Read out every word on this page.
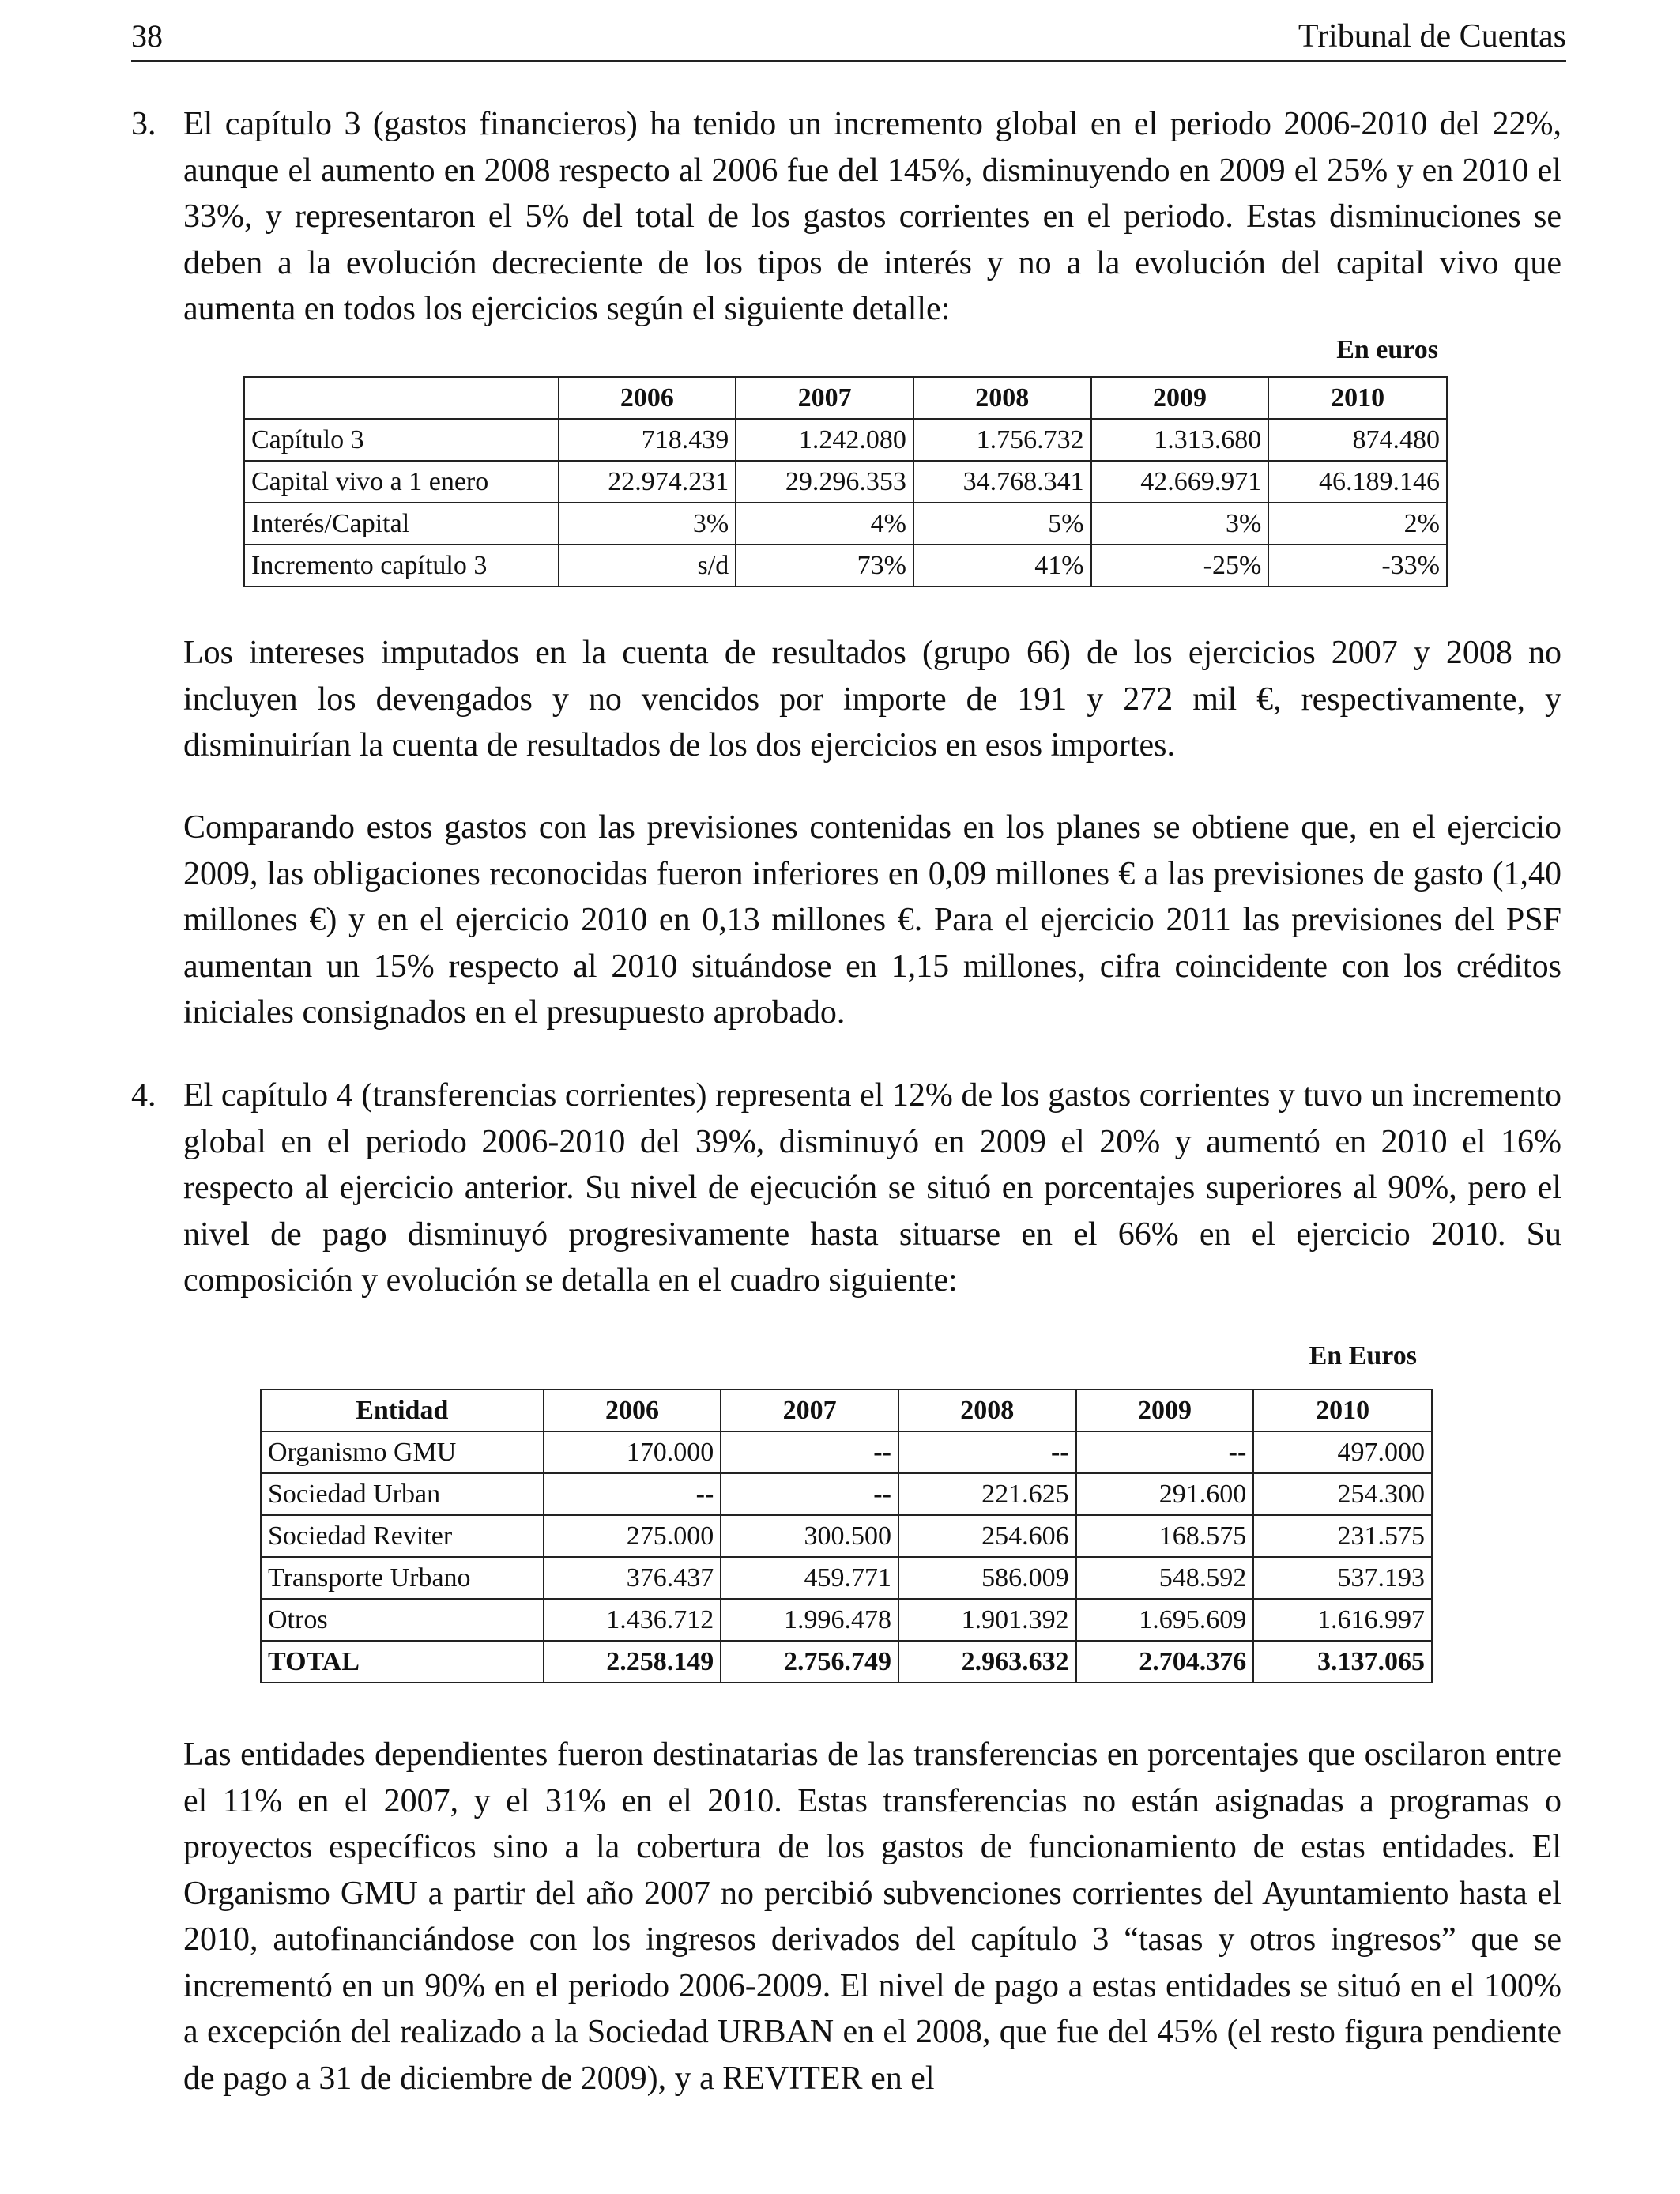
38	Tribunal de Cuentas
3. El capítulo 3 (gastos financieros) ha tenido un incremento global en el periodo 2006-2010 del 22%, aunque el aumento en 2008 respecto al 2006 fue del 145%, disminuyendo en 2009 el 25% y en 2010 el 33%, y representaron el 5% del total de los gastos corrientes en el periodo. Estas disminuciones se deben a la evolución decreciente de los tipos de interés y no a la evolución del capital vivo que aumenta en todos los ejercicios según el siguiente detalle:
En euros
	2006	2007	2008	2009	2010
Capítulo 3	718.439	1.242.080	1.756.732	1.313.680	874.480
Capital vivo a 1 enero	22.974.231	29.296.353	34.768.341	42.669.971	46.189.146
Interés/Capital	3%	4%	5%	3%	2%
Incremento capítulo 3	s/d	73%	41%	-25%	-33%
Los intereses imputados en la cuenta de resultados (grupo 66) de los ejercicios 2007 y 2008 no incluyen los devengados y no vencidos por importe de 191 y 272 mil €, respectivamente, y disminuirían la cuenta de resultados de los dos ejercicios en esos importes.
Comparando estos gastos con las previsiones contenidas en los planes se obtiene que, en el ejercicio 2009, las obligaciones reconocidas fueron inferiores en 0,09 millones € a las previsiones de gasto (1,40 millones €) y en el ejercicio 2010 en 0,13 millones €. Para el ejercicio 2011 las previsiones del PSF aumentan un 15% respecto al 2010 situándose en 1,15 millones, cifra coincidente con los créditos iniciales consignados en el presupuesto aprobado.
4. El capítulo 4 (transferencias corrientes) representa el 12% de los gastos corrientes y tuvo un incremento global en el periodo 2006-2010 del 39%, disminuyó en 2009 el 20% y aumentó en 2010 el 16% respecto al ejercicio anterior. Su nivel de ejecución se situó en porcentajes superiores al 90%, pero el nivel de pago disminuyó progresivamente hasta situarse en el 66% en el ejercicio 2010. Su composición y evolución se detalla en el cuadro siguiente:
En Euros
Entidad	2006	2007	2008	2009	2010
Organismo GMU	170.000	--	--	--	497.000
Sociedad Urban	--	--	221.625	291.600	254.300
Sociedad Reviter	275.000	300.500	254.606	168.575	231.575
Transporte Urbano	376.437	459.771	586.009	548.592	537.193
Otros	1.436.712	1.996.478	1.901.392	1.695.609	1.616.997
TOTAL	2.258.149	2.756.749	2.963.632	2.704.376	3.137.065
Las entidades dependientes fueron destinatarias de las transferencias en porcentajes que oscilaron entre el 11% en el 2007, y el 31% en el 2010. Estas transferencias no están asignadas a programas o proyectos específicos sino a la cobertura de los gastos de funcionamiento de estas entidades. El Organismo GMU a partir del año 2007 no percibió subvenciones corrientes del Ayuntamiento hasta el 2010, autofinanciándose con los ingresos derivados del capítulo 3 “tasas y otros ingresos” que se incrementó en un 90% en el periodo 2006-2009. El nivel de pago a estas entidades se situó en el 100% a excepción del realizado a la Sociedad URBAN en el 2008, que fue del 45% (el resto figura pendiente de pago a 31 de diciembre de 2009), y a REVITER en el
